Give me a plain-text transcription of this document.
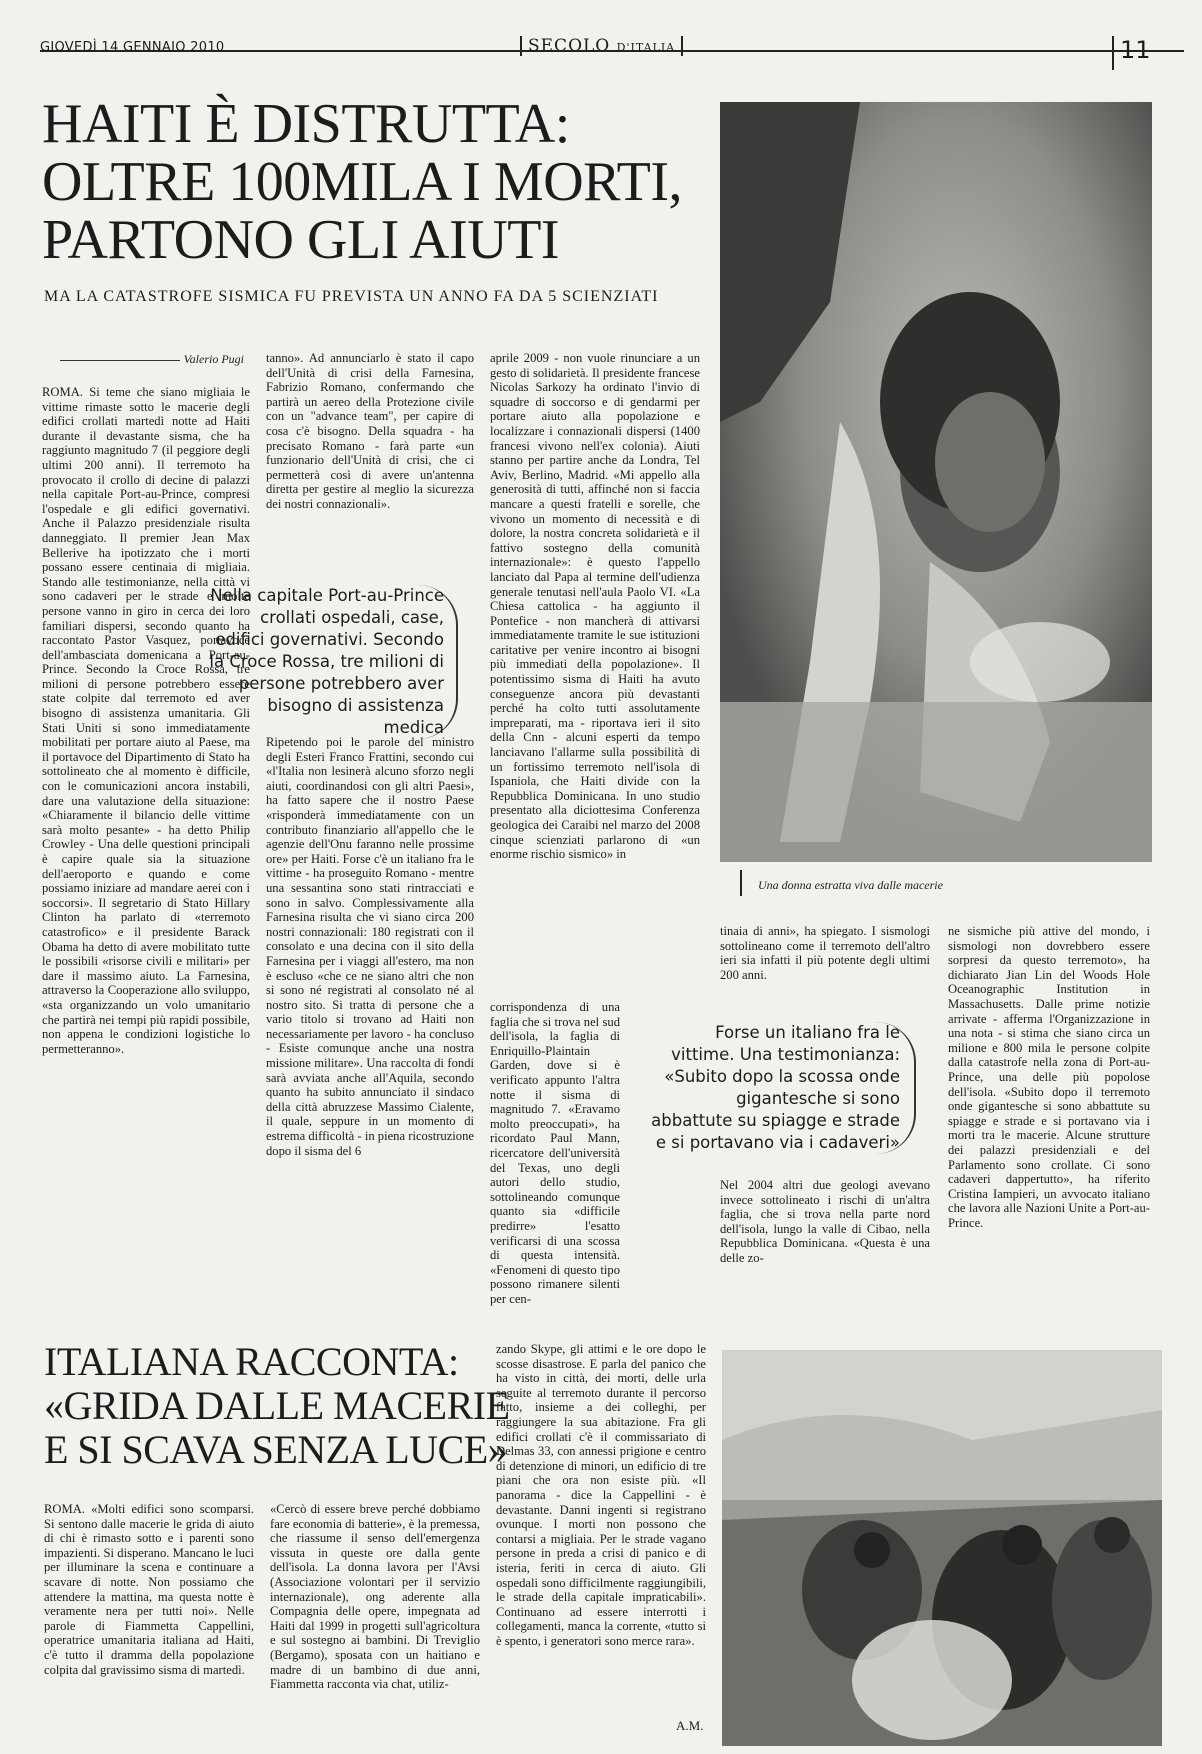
GIOVEDÌ 14 GENNAIO 2010	SECOLO D'ITALIA	11
HAITI È DISTRUTTA:
OLTRE 100MILA I MORTI,
PARTONO GLI AIUTI
MA LA CATASTROFE SISMICA FU PREVISTA UN ANNO FA DA 5 SCIENZIATI
Valerio Pugi
Una donna estratta viva dalle macerie

ROMA. Si teme che siano migliaia le vittime rimaste sotto le macerie degli edifici crollati martedì notte ad Haiti durante il devastante sisma, che ha raggiunto magnitudo 7 (il peggiore degli ultimi 200 anni). Il terremoto ha provocato il crollo di decine di palazzi nella capitale Port-au-Prince, compresi l'ospedale e gli edifici governativi. Anche il Palazzo presidenziale risulta danneggiato. Il premier Jean Max Bellerive ha ipotizzato che i morti possano essere centinaia di migliaia. Stando alle testimonianze, nella città vi sono cadaveri per le strade e molte persone vanno in giro in cerca dei loro familiari dispersi, secondo quanto ha raccontato Pastor Vasquez, portavoce dell'ambasciata domenicana a Port-au-Prince. Secondo la Croce Rossa, tre milioni di persone potrebbero essere state colpite dal terremoto ed aver bisogno di assistenza umanitaria. Gli Stati Uniti si sono immediatamente mobilitati per portare aiuto al Paese, ma il portavoce del Dipartimento di Stato ha sottolineato che al momento è difficile, con le comunicazioni ancora instabili, dare una valutazione della situazione: «Chiaramente il bilancio delle vittime sarà molto pesante» - ha detto Philip Crowley - Una delle questioni principali è capire quale sia la situazione dell'aeroporto e quando e come possiamo iniziare ad mandare aerei con i soccorsi». Il segretario di Stato Hillary Clinton ha parlato di «terremoto catastrofico» e il presidente Barack Obama ha detto di avere mobilitato tutte le possibili «risorse civili e militari» per dare il massimo aiuto. La Farnesina, attraverso la Cooperazione allo sviluppo, «sta organizzando un volo umanitario che partirà nei tempi più rapidi possibile, non appena le condizioni logistiche lo permetteranno».

tanno». Ad annunciarlo è stato il capo dell'Unità di crisi della Farnesina, Fabrizio Romano, confermando che partirà un aereo della Protezione civile con un "advance team", per capire di cosa c'è bisogno. Della squadra - ha precisato Romano - farà parte «un funzionario dell'Unità di crisi, che ci permetterà così di avere un'antenna diretta per gestire al meglio la sicurezza dei nostri connazionali».

Ripetendo poi le parole del ministro degli Esteri Franco Frattini, secondo cui «l'Italia non lesinerà alcuno sforzo negli aiuti, coordinandosi con gli altri Paesi», ha fatto sapere che il nostro Paese «risponderà immediatamente con un contributo finanziario all'appello che le agenzie dell'Onu faranno nelle prossime ore» per Haiti. Forse c'è un italiano fra le vittime - ha proseguito Romano - mentre una sessantina sono stati rintracciati e sono in salvo. Complessivamente alla Farnesina risulta che vi siano circa 200 nostri connazionali: 180 registrati con il consolato e una decina con il sito della Farnesina per i viaggi all'estero, ma non è escluso «che ce ne siano altri che non si sono né registrati al consolato né al nostro sito. Si tratta di persone che a vario titolo si trovano ad Haiti non necessariamente per lavoro - ha concluso - Esiste comunque anche una nostra missione militare». Una raccolta di fondi sarà avviata anche all'Aquila, secondo quanto ha subito annunciato il sindaco della città abruzzese Massimo Cialente, il quale, seppure in un momento di estrema difficoltà - in piena ricostruzione dopo il sisma del 6

aprile 2009 - non vuole rinunciare a un gesto di solidarietà. Il presidente francese Nicolas Sarkozy ha ordinato l'invio di squadre di soccorso e di gendarmi per portare aiuto alla popolazione e localizzare i connazionali dispersi (1400 francesi vivono nell'ex colonia). Aiuti stanno per partire anche da Londra, Tel Aviv, Berlino, Madrid. «Mi appello alla generosità di tutti, affinché non si faccia mancare a questi fratelli e sorelle, che vivono un momento di necessità e di dolore, la nostra concreta solidarietà e il fattivo sostegno della comunità internazionale»: è questo l'appello lanciato dal Papa al termine dell'udienza generale tenutasi nell'aula Paolo VI. «La Chiesa cattolica - ha aggiunto il Pontefice - non mancherà di attivarsi immediatamente tramite le sue istituzioni caritative per venire incontro ai bisogni più immediati della popolazione». Il potentissimo sisma di Haiti ha avuto conseguenze ancora più devastanti perché ha colto tutti assolutamente impreparati, ma - riportava ieri il sito della Cnn - alcuni esperti da tempo lanciavano l'allarme sulla possibilità di un fortissimo terremoto nell'isola di Ispaniola, che Haiti divide con la Repubblica Dominicana. In uno studio presentato alla diciottesima Conferenza geologica dei Caraibi nel marzo del 2008 cinque scienziati parlarono di «un enorme rischio sismico» in

corrispondenza di una faglia che si trova nel sud dell'isola, la faglia di Enriquillo-Plaintain Garden, dove si è verificato appunto l'altra notte il sisma di magnitudo 7. «Eravamo molto preoccupati», ha ricordato Paul Mann, ricercatore dell'università del Texas, uno degli autori dello studio, sottolineando comunque quanto sia «difficile predirre» l'esatto verificarsi di una scossa di questa intensità. «Fenomeni di questo tipo possono rimanere silenti per cen-

tinaia di anni», ha spiegato. I sismologi sottolineano come il terremoto dell'altro ieri sia infatti il più potente degli ultimi 200 anni.

Nel 2004 altri due geologi avevano invece sottolineato i rischi di un'altra faglia, che si trova nella parte nord dell'isola, lungo la valle di Cibao, nella Repubblica Dominicana. «Questa è una delle zo-

ne sismiche più attive del mondo, i sismologi non dovrebbero essere sorpresi da questo terremoto», ha dichiarato Jian Lin del Woods Hole Oceanographic Institution in Massachusetts. Dalle prime notizie arrivate - afferma l'Organizzazione in una nota - si stima che siano circa un milione e 800 mila le persone colpite dalla catastrofe nella zona di Port-au-Prince, una delle più popolose dell'isola. «Subito dopo il terremoto onde gigantesche si sono abbattute su spiagge e strade e si portavano via i morti tra le macerie. Alcune strutture dei palazzi presidenziali e del Parlamento sono crollate. Ci sono cadaveri dappertutto», ha riferito Cristina Iampieri, un avvocato italiano che lavora alle Nazioni Unite a Port-au-Prince.

Nella capitale Port-au-Prince crollati ospedali, case, edifici governativi. Secondo la Croce Rossa, tre milioni di persone potrebbero aver bisogno di assistenza medica
Forse un italiano fra le vittime. Una testimonianza: «Subito dopo la scossa onde gigantesche si sono abbattute su spiagge e strade e si portavano via i cadaveri»
ITALIANA RACCONTA:
«GRIDA DALLE MACERIE
E SI SCAVA SENZA LUCE»

ROMA. «Molti edifici sono scomparsi. Si sentono dalle macerie le grida di aiuto di chi è rimasto sotto e i parenti sono impazienti. Si disperano. Mancano le luci per illuminare la scena e continuare a scavare di notte. Non possiamo che attendere la mattina, ma questa notte è veramente nera per tutti noi». Nelle parole di Fiammetta Cappellini, operatrice umanitaria italiana ad Haiti, c'è tutto il dramma della popolazione colpita dal gravissimo sisma di martedì.

«Cercò di essere breve perché dobbiamo fare economia di batterie», è la premessa, che riassume il senso dell'emergenza vissuta in queste ore dalla gente dell'isola. La donna lavora per l'Avsi (Associazione volontari per il servizio internazionale), ong aderente alla Compagnia delle opere, impegnata ad Haiti dal 1999 in progetti sull'agricoltura e sul sostegno ai bambini. Di Treviglio (Bergamo), sposata con un haitiano e madre di un bambino di due anni, Fiammetta racconta via chat, utiliz-

zando Skype, gli attimi e le ore dopo le scosse disastrose. E parla del panico che ha visto in città, dei morti, delle urla seguite al terremoto durante il percorso fatto, insieme a dei colleghi, per raggiungere la sua abitazione. Fra gli edifici crollati c'è il commissariato di Delmas 33, con annessi prigione e centro di detenzione di minori, un edificio di tre piani che ora non esiste più. «Il panorama - dice la Cappellini - è devastante. Danni ingenti si registrano ovunque. I morti non possono che contarsi a migliaia. Per le strade vagano persone in preda a crisi di panico e di isteria, feriti in cerca di aiuto. Gli ospedali sono difficilmente raggiungibili, le strade della capitale impraticabili». Continuano ad essere interrotti i collegamenti, manca la corrente, «tutto si è spento, i generatori sono merce rara».

A.M.
